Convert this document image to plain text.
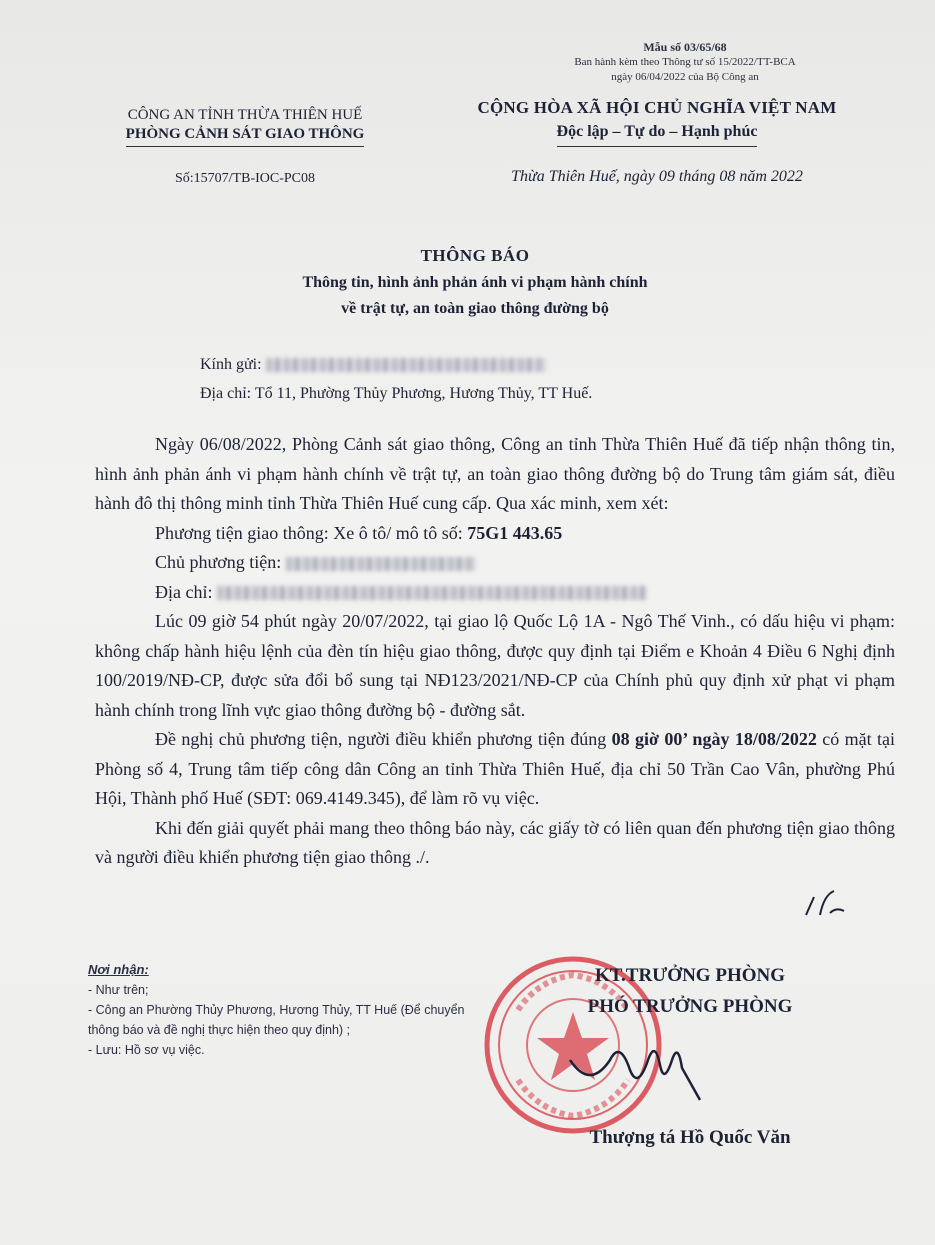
Mẫu số 03/65/68
Ban hành kèm theo Thông tư số 15/2022/TT-BCA
ngày 06/04/2022 của Bộ Công an
CÔNG AN TỈNH THỪA THIÊN HUẾ
PHÒNG CẢNH SÁT GIAO THÔNG
Số:15707/TB-IOC-PC08
CỘNG HÒA XÃ HỘI CHỦ NGHĨA VIỆT NAM
Độc lập – Tự do – Hạnh phúc
Thừa Thiên Huế, ngày 09 tháng 08 năm 2022
THÔNG BÁO
Thông tin, hình ảnh phản ánh vi phạm hành chính
về trật tự, an toàn giao thông đường bộ
Kính gửi:
Địa chỉ: Tổ 11, Phường Thủy Phương, Hương Thủy, TT Huế.

Ngày 06/08/2022, Phòng Cảnh sát giao thông, Công an tỉnh Thừa Thiên Huế đã tiếp nhận thông tin, hình ảnh phản ánh vi phạm hành chính về trật tự, an toàn giao thông đường bộ do Trung tâm giám sát, điều hành đô thị thông minh tỉnh Thừa Thiên Huế cung cấp. Qua xác minh, xem xét:

Phương tiện giao thông: Xe ô tô/ mô tô số: 75G1 443.65

Chủ phương tiện:

Địa chỉ:

Lúc 09 giờ 54 phút ngày 20/07/2022, tại giao lộ Quốc Lộ 1A - Ngô Thế Vinh., có dấu hiệu vi phạm: không chấp hành hiệu lệnh của đèn tín hiệu giao thông, được quy định tại Điểm e Khoản 4 Điều 6 Nghị định 100/2019/NĐ-CP, được sửa đổi bổ sung tại NĐ123/2021/NĐ-CP của Chính phủ quy định xử phạt vi phạm hành chính trong lĩnh vực giao thông đường bộ - đường sắt.

Đề nghị chủ phương tiện, người điều khiển phương tiện đúng 08 giờ 00’ ngày 18/08/2022 có mặt tại Phòng số 4, Trung tâm tiếp công dân Công an tỉnh Thừa Thiên Huế, địa chỉ 50 Trần Cao Vân, phường Phú Hội, Thành phố Huế (SĐT: 069.4149.345), để làm rõ vụ việc.

Khi đến giải quyết phải mang theo thông báo này, các giấy tờ có liên quan đến phương tiện giao thông và người điều khiển phương tiện giao thông ./.

Nơi nhận:
- Như trên;
- Công an Phường Thủy Phương, Hương Thủy, TT Huế (Để chuyển thông báo và đề nghị thực hiện theo quy định) ;
- Lưu: Hồ sơ vụ việc.
KT.TRƯỞNG PHÒNG
PHÓ TRƯỞNG PHÒNG
Thượng tá Hồ Quốc Văn
